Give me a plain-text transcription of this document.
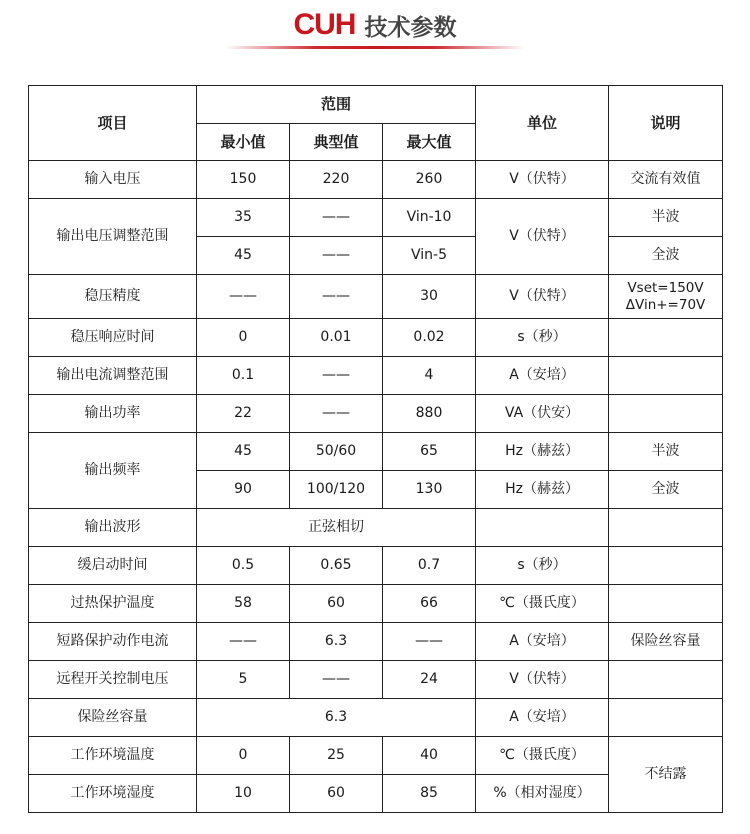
CUH 技术参数
项目	范围			单位	说明
	最小值	典型值	最大值		
输入电压	150	220	260	V（伏特）	交流有效值
输出电压调整范围	35	——	Vin-10	V（伏特）	半波
	45	——	Vin-5		全波
稳压精度	——	——	30	V（伏特）	Vset=150V
ΔVin+=70V

稳压响应时间	0	0.01	0.02	s（秒）	
输出电流调整范围	0.1	——	4	A（安培）	
输出功率	22	——	880	VA（伏安）	
输出频率	45	50/60	65	Hz（赫兹）	半波
	90	100/120	130	Hz（赫兹）	全波
输出波形	正弦相切				
缓启动时间	0.5	0.65	0.7	s（秒）	
过热保护温度	58	60	66	℃（摄氏度）	
短路保护动作电流	——	6.3	——	A（安培）	保险丝容量
远程开关控制电压	5	——	24	V（伏特）	
保险丝容量	6.3			A（安培）	
工作环境温度	0	25	40	℃（摄氏度）	不结露
工作环境湿度	10	60	85	%（相对湿度）	
